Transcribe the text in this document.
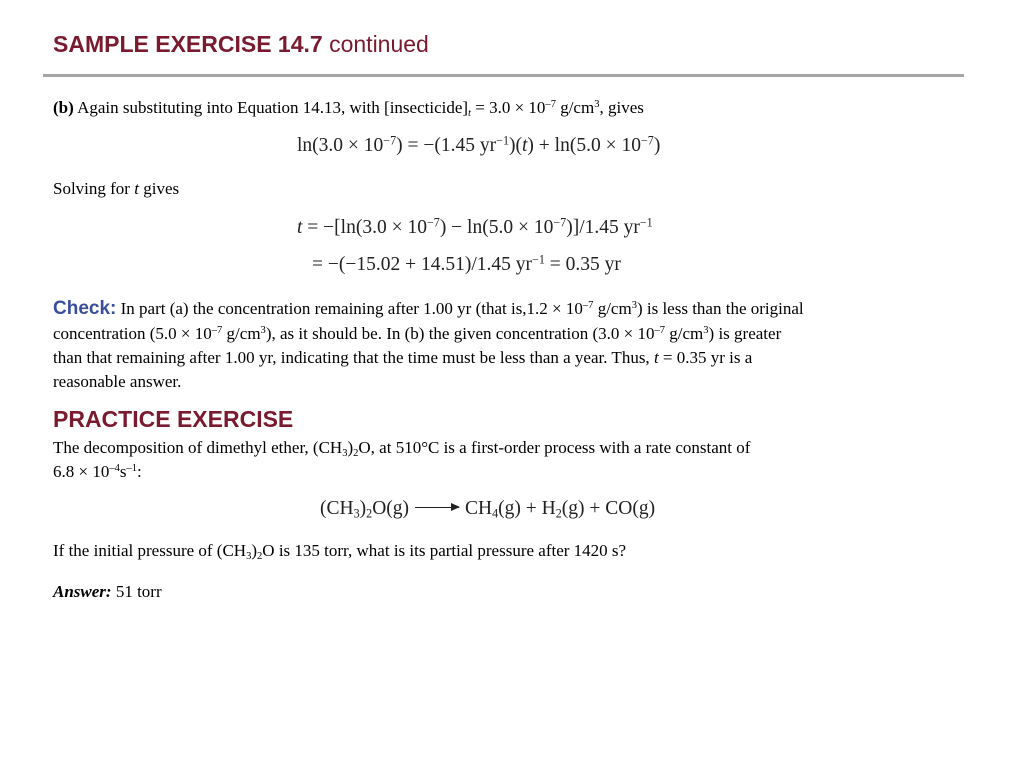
SAMPLE EXERCISE 14.7 continued
(b) Again substituting into Equation 14.13, with $[insecticide]_t = 3.0 \times 10^{-7}$ $g/cm^3$, gives
$\ln(3.0 \times 10^{-7}) = -(1.45$ $yr^{-1})(t) + \ln(5.0 \times 10^{-7})$
Solving for t gives
$t = -[\ln(3.0 \times 10^{-7}) - \ln(5.0 \times 10^{-7})]/1.45$ $yr^{-1}$
= −(−15.02 + 14.51)/1.45 $yr^{-1} = 0.35$ yr
Check: In part (a) the concentration remaining after 1.00 yr (that $is,1.2 \times 10^{-7}$ $g/cm^3$) is less than the original
concentration ($5.0 \times 10^{-7}$ $g/cm^3$), as it should be. In (b) the given concentration ($3.0 \times 10^{-7}$ $g/cm^3$) is greater
than that remaining after 1.00 yr, indicating that the time must be less than a year. Thus, t = 0.35 yr is a
reasonable answer.
PRACTICE EXERCISE
The decomposition of dimethyl ether, $(CH_3)_2O$, at 510°C is a first-order process with a rate constant of
$6.8 \times 10^{-4}s^{-1}$:
$(CH_3)_2O(g) \to CH_4(g) + H_2(g) + CO(g)$
If the initial pressure of $(CH_3)_2O$ is 135 torr, what is its partial pressure after 1420 s?
Answer: 51 torr
